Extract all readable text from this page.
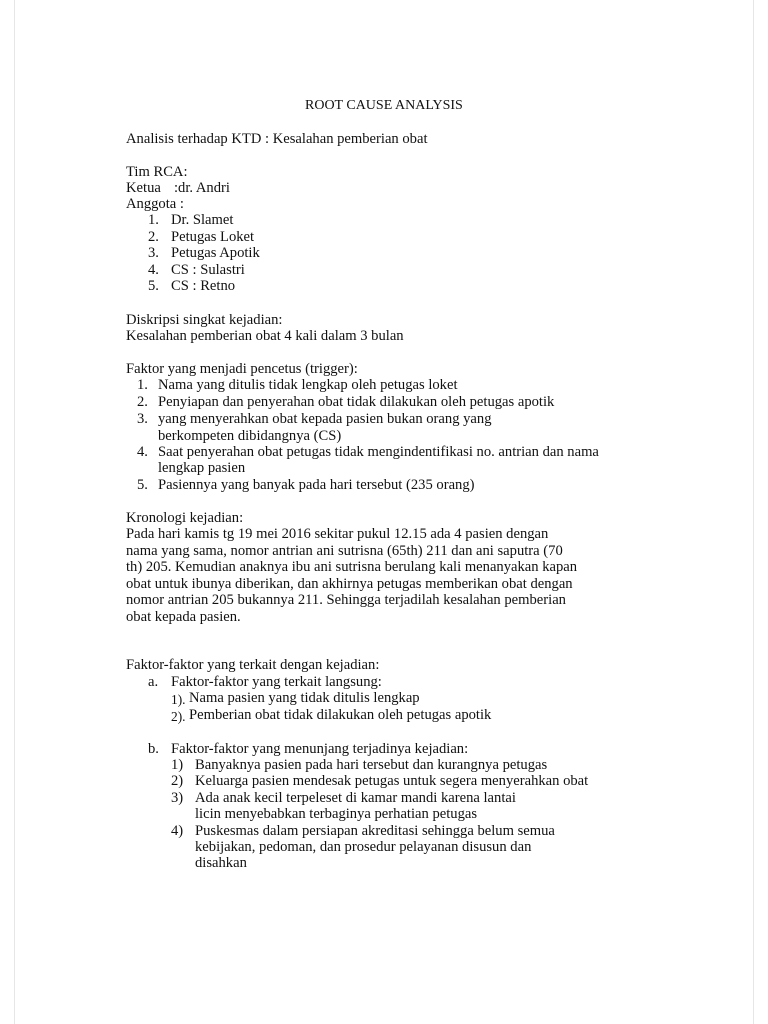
ROOT CAUSE ANALYSIS
Analisis terhadap KTD : Kesalahan pemberian obat
Tim RCA:
Ketua :dr. Andri
Anggota :
1. Dr. Slamet
2. Petugas Loket
3. Petugas Apotik
4. CS : Sulastri
5. CS : Retno
Diskripsi singkat kejadian:
Kesalahan pemberian obat 4 kali dalam 3 bulan
Faktor yang menjadi pencetus (trigger):
1. Nama yang ditulis tidak lengkap oleh petugas loket
2. Penyiapan dan penyerahan obat tidak dilakukan oleh petugas apotik
3. yang menyerahkan obat kepada pasien bukan orang yang
berkompeten dibidangnya (CS)
4. Saat penyerahan obat petugas tidak mengindentifikasi no. antrian dan nama
lengkap pasien
5. Pasiennya yang banyak pada hari tersebut (235 orang)
Kronologi kejadian:
Pada hari kamis tg 19 mei 2016 sekitar pukul 12.15 ada 4 pasien dengan
nama yang sama, nomor antrian ani sutrisna (65th) 211 dan ani saputra (70
th) 205. Kemudian anaknya ibu ani sutrisna berulang kali menanyakan kapan
obat untuk ibunya diberikan, dan akhirnya petugas memberikan obat dengan
nomor antrian 205 bukannya 211. Sehingga terjadilah kesalahan pemberian
obat kepada pasien.
Faktor-faktor yang terkait dengan kejadian:
a. Faktor-faktor yang terkait langsung:
1). Nama pasien yang tidak ditulis lengkap
2). Pemberian obat tidak dilakukan oleh petugas apotik
b. Faktor-faktor yang menunjang terjadinya kejadian:
1) Banyaknya pasien pada hari tersebut dan kurangnya petugas
2) Keluarga pasien mendesak petugas untuk segera menyerahkan obat
3) Ada anak kecil terpeleset di kamar mandi karena lantai
licin menyebabkan terbaginya perhatian petugas
4) Puskesmas dalam persiapan akreditasi sehingga belum semua
kebijakan, pedoman, dan prosedur pelayanan disusun dan
disahkan
